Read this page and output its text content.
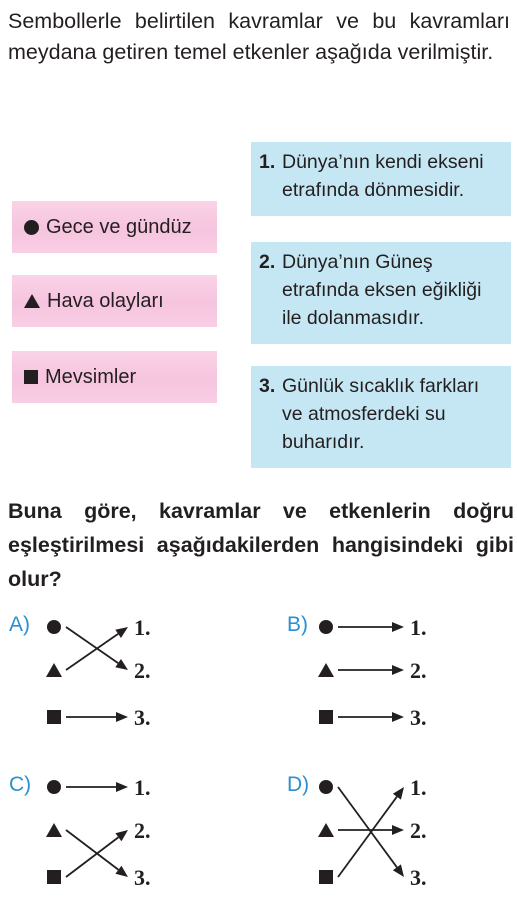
Sembollerle belirtilen kavramlar ve bu kavramları meydana getiren temel etkenler aşağıda verilmiştir.
Gece ve gündüz
Hava olayları
Mevsimler
1. Dünya’nın kendi ekseni etrafında dönmesidir.
2. Dünya’nın Güneş etrafında eksen eğikliği ile dolanmasıdır.
3. Günlük sıcaklık farkları ve atmosferdeki su buharıdır.
Buna göre, kavramlar ve etkenlerin doğru eşleştirilmesi aşağıdakilerden hangisindeki gibi olur?
A)	1.
2.
3.
B)	1.
2.
3.
C)	1.
2.
3.
D)	1.
2.
3.
